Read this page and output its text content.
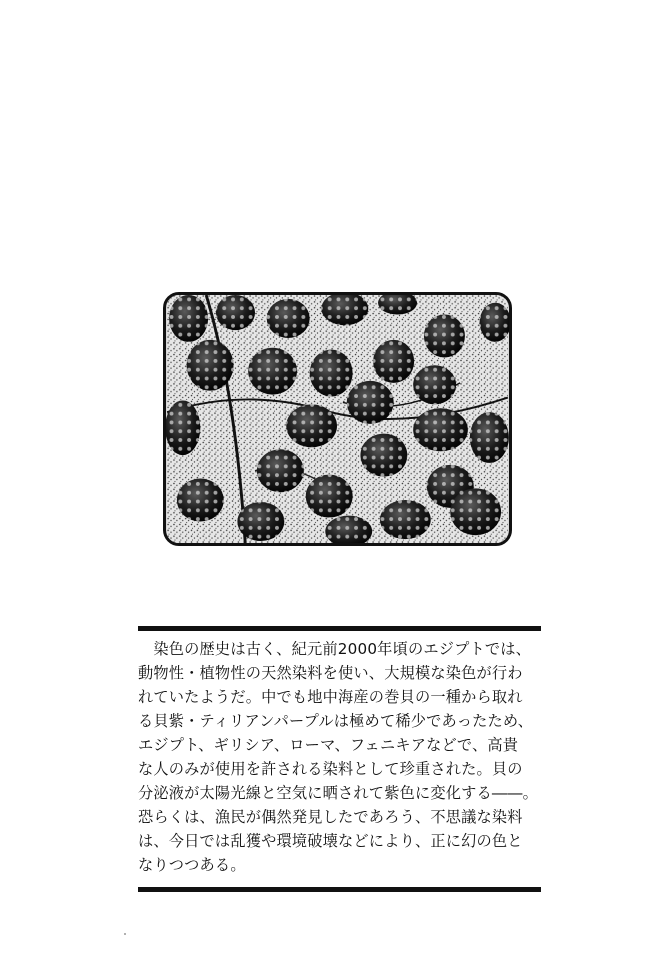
　染色の歴史は古く、紀元前2000年頃のエジプトでは、
動物性・植物性の天然染料を使い、大規模な染色が行わ
れていたようだ。中でも地中海産の巻貝の一種から取れ
る貝紫・ティリアンパープルは極めて稀少であったため、
エジプト、ギリシア、ローマ、フェニキアなどで、高貴
な人のみが使用を許される染料として珍重された。貝の
分泌液が太陽光線と空気に晒されて紫色に変化する――。
恐らくは、漁民が偶然発見したであろう、不思議な染料
は、今日では乱獲や環境破壊などにより、正に幻の色と
なりつつある。
